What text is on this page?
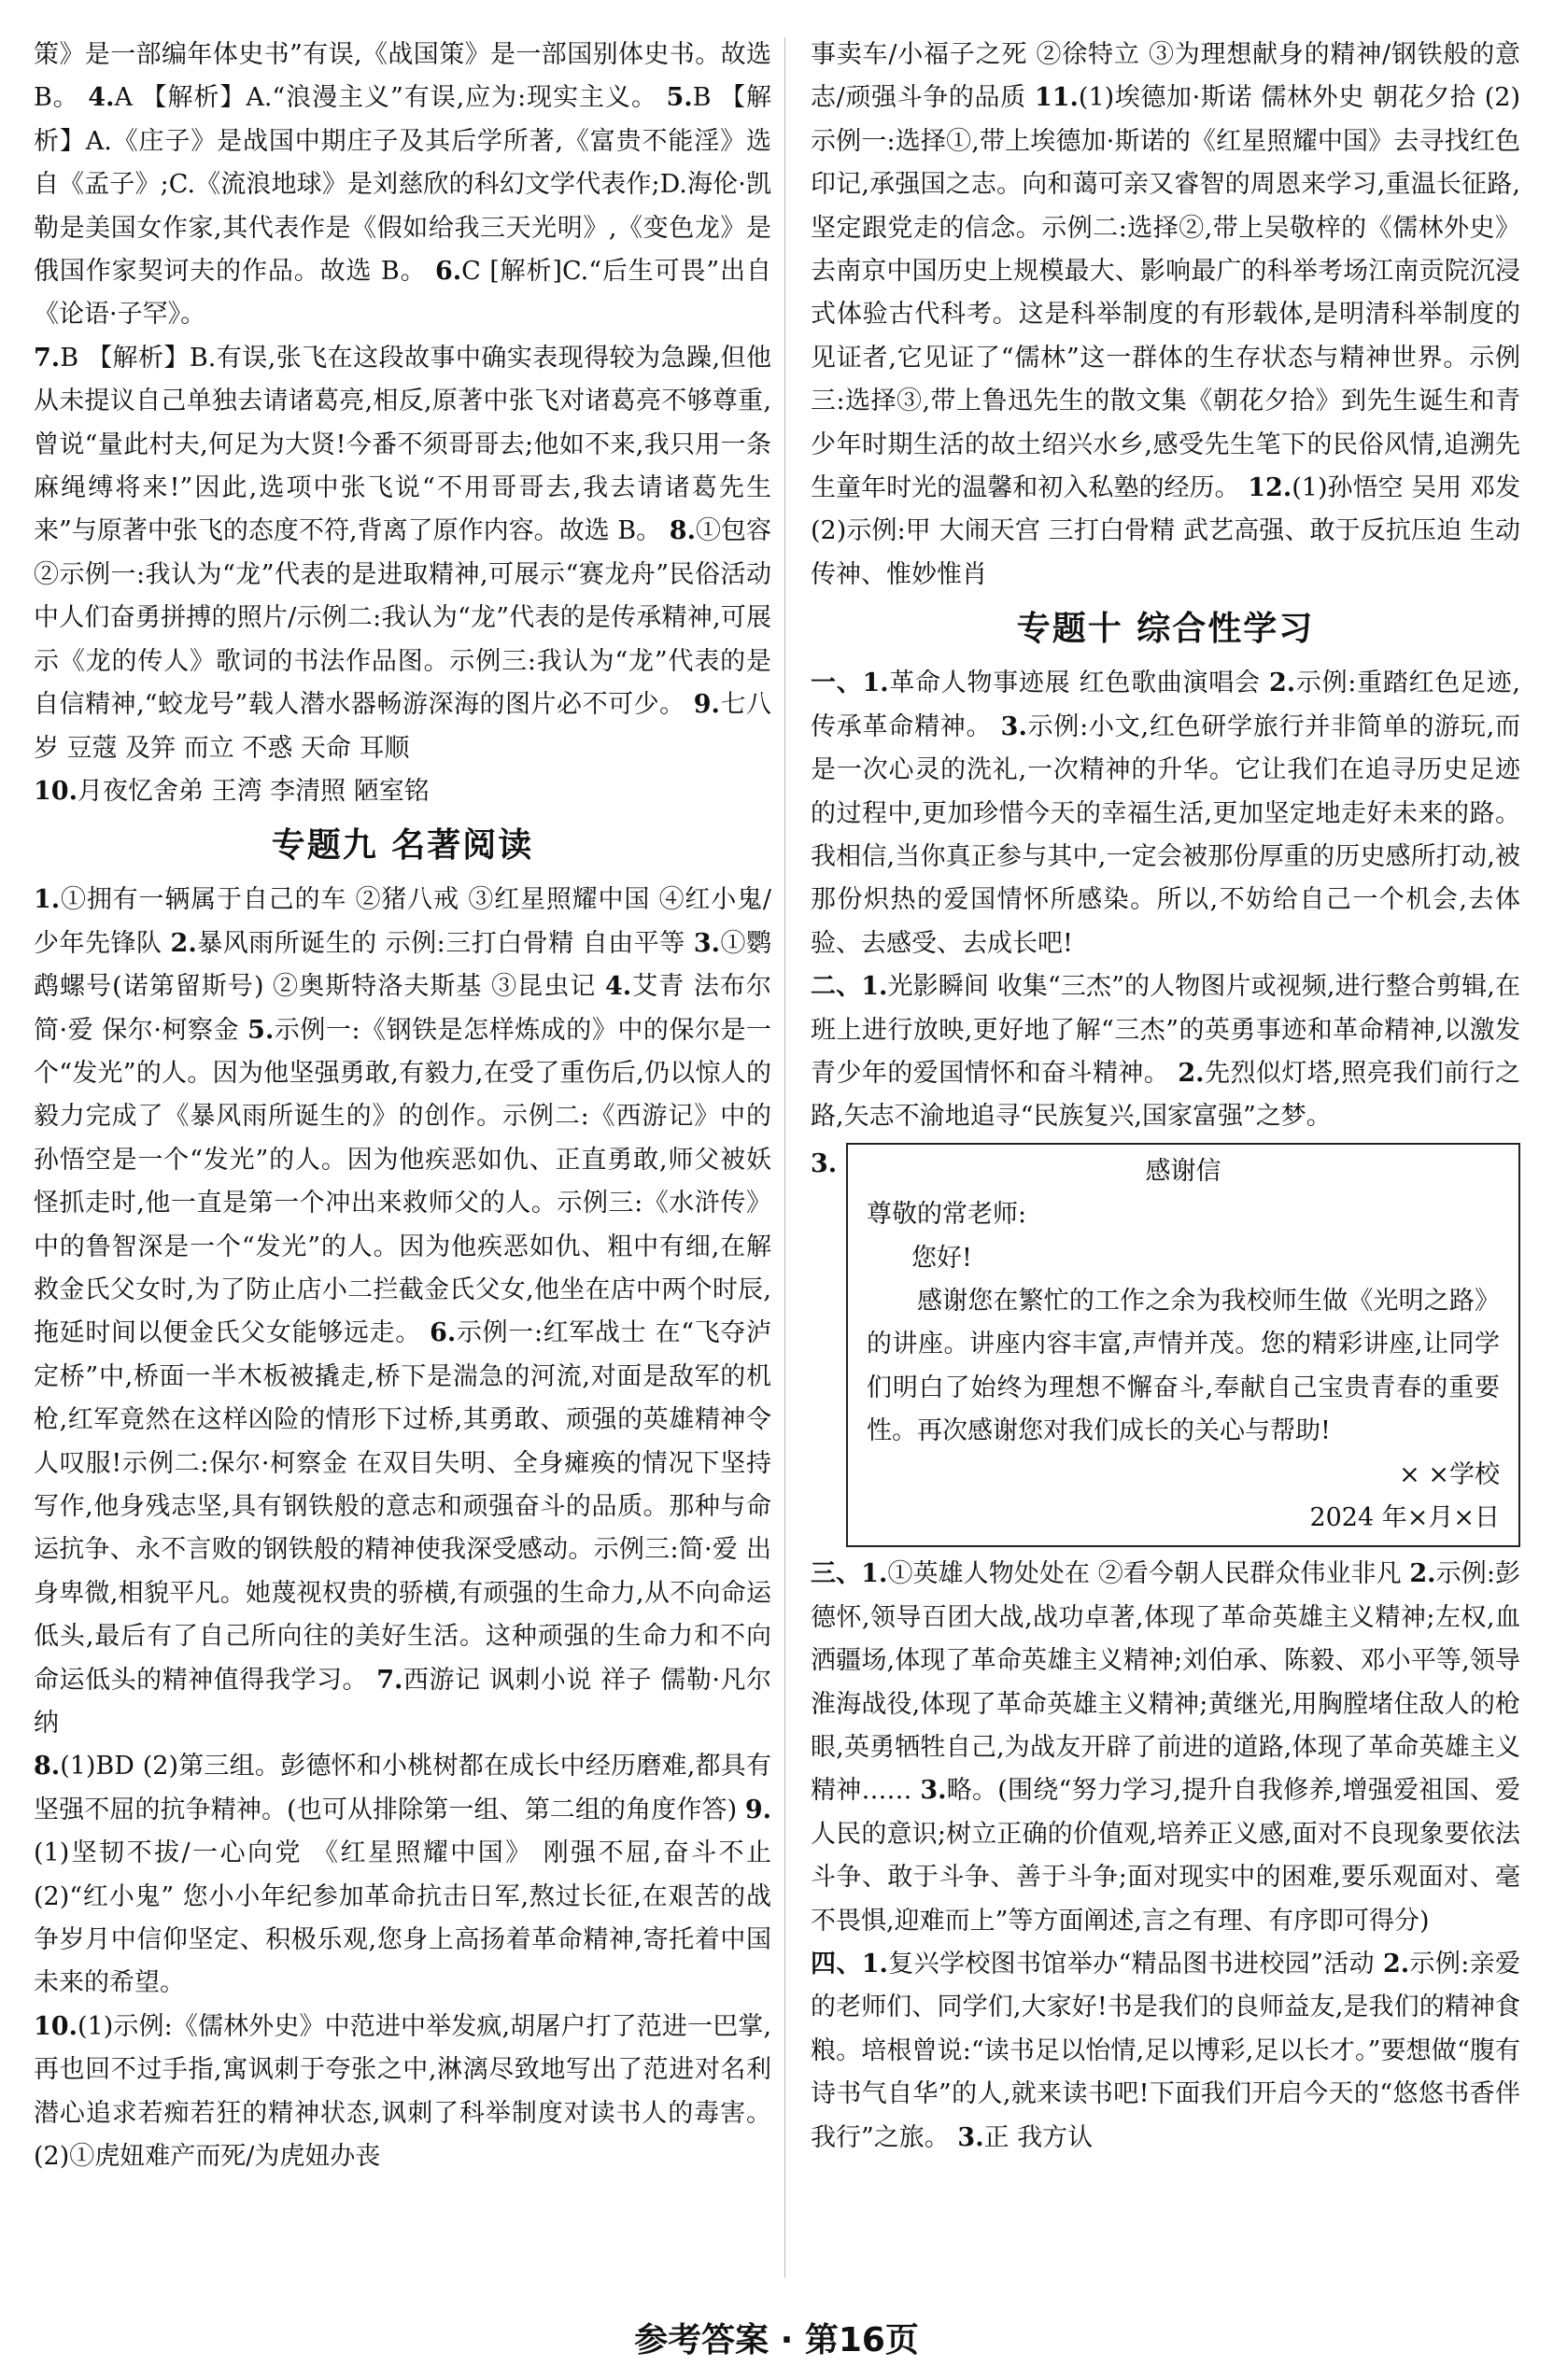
策》是一部编年体史书”有误,《战国策》是一部国别体史书。故选 B。 4.A 【解析】A.“浪漫主义”有误,应为:现实主义。 5.B 【解析】A.《庄子》是战国中期庄子及其后学所著,《富贵不能淫》选自《孟子》;C.《流浪地球》是刘慈欣的科幻文学代表作;D.海伦·凯勒是美国女作家,其代表作是《假如给我三天光明》,《变色龙》是俄国作家契诃夫的作品。故选 B。 6.C [解析]C.“后生可畏”出自《论语·子罕》。

7.B 【解析】B.有误,张飞在这段故事中确实表现得较为急躁,但他从未提议自己单独去请诸葛亮,相反,原著中张飞对诸葛亮不够尊重,曾说“量此村夫,何足为大贤!今番不须哥哥去;他如不来,我只用一条麻绳缚将来!”因此,选项中张飞说“不用哥哥去,我去请诸葛先生来”与原著中张飞的态度不符,背离了原作内容。故选 B。 8.①包容 ②示例一:我认为“龙”代表的是进取精神,可展示“赛龙舟”民俗活动中人们奋勇拼搏的照片/示例二:我认为“龙”代表的是传承精神,可展示《龙的传人》歌词的书法作品图。示例三:我认为“龙”代表的是自信精神,“蛟龙号”载人潜水器畅游深海的图片必不可少。 9.七八岁 豆蔻 及笄 而立 不惑 天命 耳顺

10.月夜忆舍弟 王湾 李清照 陋室铭

专题九 名著阅读

1.①拥有一辆属于自己的车 ②猪八戒 ③红星照耀中国 ④红小鬼/少年先锋队 2.暴风雨所诞生的 示例:三打白骨精 自由平等 3.①鹦鹉螺号(诺第留斯号) ②奥斯特洛夫斯基 ③昆虫记 4.艾青 法布尔 简·爱 保尔·柯察金 5.示例一:《钢铁是怎样炼成的》中的保尔是一个“发光”的人。因为他坚强勇敢,有毅力,在受了重伤后,仍以惊人的毅力完成了《暴风雨所诞生的》的创作。示例二:《西游记》中的孙悟空是一个“发光”的人。因为他疾恶如仇、正直勇敢,师父被妖怪抓走时,他一直是第一个冲出来救师父的人。示例三:《水浒传》中的鲁智深是一个“发光”的人。因为他疾恶如仇、粗中有细,在解救金氏父女时,为了防止店小二拦截金氏父女,他坐在店中两个时辰,拖延时间以便金氏父女能够远走。 6.示例一:红军战士 在“飞夺泸定桥”中,桥面一半木板被撬走,桥下是湍急的河流,对面是敌军的机枪,红军竟然在这样凶险的情形下过桥,其勇敢、顽强的英雄精神令人叹服!示例二:保尔·柯察金 在双目失明、全身瘫痪的情况下坚持写作,他身残志坚,具有钢铁般的意志和顽强奋斗的品质。那种与命运抗争、永不言败的钢铁般的精神使我深受感动。示例三:简·爱 出身卑微,相貌平凡。她蔑视权贵的骄横,有顽强的生命力,从不向命运低头,最后有了自己所向往的美好生活。这种顽强的生命力和不向命运低头的精神值得我学习。 7.西游记 讽刺小说 祥子 儒勒·凡尔纳

8.(1)BD (2)第三组。彭德怀和小桃树都在成长中经历磨难,都具有坚强不屈的抗争精神。(也可从排除第一组、第二组的角度作答) 9.(1)坚韧不拔/一心向党 《红星照耀中国》 刚强不屈,奋斗不止 (2)“红小鬼” 您小小年纪参加革命抗击日军,熬过长征,在艰苦的战争岁月中信仰坚定、积极乐观,您身上高扬着革命精神,寄托着中国未来的希望。

10.(1)示例:《儒林外史》中范进中举发疯,胡屠户打了范进一巴掌,再也回不过手指,寓讽刺于夸张之中,淋漓尽致地写出了范进对名利潜心追求若痴若狂的精神状态,讽刺了科举制度对读书人的毒害。 (2)①虎妞难产而死/为虎妞办丧

事卖车/小福子之死 ②徐特立 ③为理想献身的精神/钢铁般的意志/顽强斗争的品质 11.(1)埃德加·斯诺 儒林外史 朝花夕拾 (2)示例一:选择①,带上埃德加·斯诺的《红星照耀中国》去寻找红色印记,承强国之志。向和蔼可亲又睿智的周恩来学习,重温长征路,坚定跟党走的信念。示例二:选择②,带上吴敬梓的《儒林外史》去南京中国历史上规模最大、影响最广的科举考场江南贡院沉浸式体验古代科考。这是科举制度的有形载体,是明清科举制度的见证者,它见证了“儒林”这一群体的生存状态与精神世界。示例三:选择③,带上鲁迅先生的散文集《朝花夕拾》到先生诞生和青少年时期生活的故土绍兴水乡,感受先生笔下的民俗风情,追溯先生童年时光的温馨和初入私塾的经历。 12.(1)孙悟空 吴用 邓发 (2)示例:甲 大闹天宫 三打白骨精 武艺高强、敢于反抗压迫 生动传神、惟妙惟肖

专题十 综合性学习

一、1.革命人物事迹展 红色歌曲演唱会 2.示例:重踏红色足迹,传承革命精神。 3.示例:小文,红色研学旅行并非简单的游玩,而是一次心灵的洗礼,一次精神的升华。它让我们在追寻历史足迹的过程中,更加珍惜今天的幸福生活,更加坚定地走好未来的路。我相信,当你真正参与其中,一定会被那份厚重的历史感所打动,被那份炽热的爱国情怀所感染。所以,不妨给自己一个机会,去体验、去感受、去成长吧!

二、1.光影瞬间 收集“三杰”的人物图片或视频,进行整合剪辑,在班上进行放映,更好地了解“三杰”的英勇事迹和革命精神,以激发青少年的爱国情怀和奋斗精神。 2.先烈似灯塔,照亮我们前行之路,矢志不渝地追寻“民族复兴,国家富强”之梦。

3.	感谢信
尊敬的常老师:
您好!
感谢您在繁忙的工作之余为我校师生做《光明之路》的讲座。讲座内容丰富,声情并茂。您的精彩讲座,让同学们明白了始终为理想不懈奋斗,奉献自己宝贵青春的重要性。再次感谢您对我们成长的关心与帮助!
× ×学校
2024 年×月×日

三、1.①英雄人物处处在 ②看今朝人民群众伟业非凡 2.示例:彭德怀,领导百团大战,战功卓著,体现了革命英雄主义精神;左权,血洒疆场,体现了革命英雄主义精神;刘伯承、陈毅、邓小平等,领导淮海战役,体现了革命英雄主义精神;黄继光,用胸膛堵住敌人的枪眼,英勇牺牲自己,为战友开辟了前进的道路,体现了革命英雄主义精神…… 3.略。(围绕“努力学习,提升自我修养,增强爱祖国、爱人民的意识;树立正确的价值观,培养正义感,面对不良现象要依法斗争、敢于斗争、善于斗争;面对现实中的困难,要乐观面对、毫不畏惧,迎难而上”等方面阐述,言之有理、有序即可得分)

四、1.复兴学校图书馆举办“精品图书进校园”活动 2.示例:亲爱的老师们、同学们,大家好!书是我们的良师益友,是我们的精神食粮。培根曾说:“读书足以怡情,足以博彩,足以长才。”要想做“腹有诗书气自华”的人,就来读书吧!下面我们开启今天的“悠悠书香伴我行”之旅。 3.正 我方认

参考答案 · 第16页
